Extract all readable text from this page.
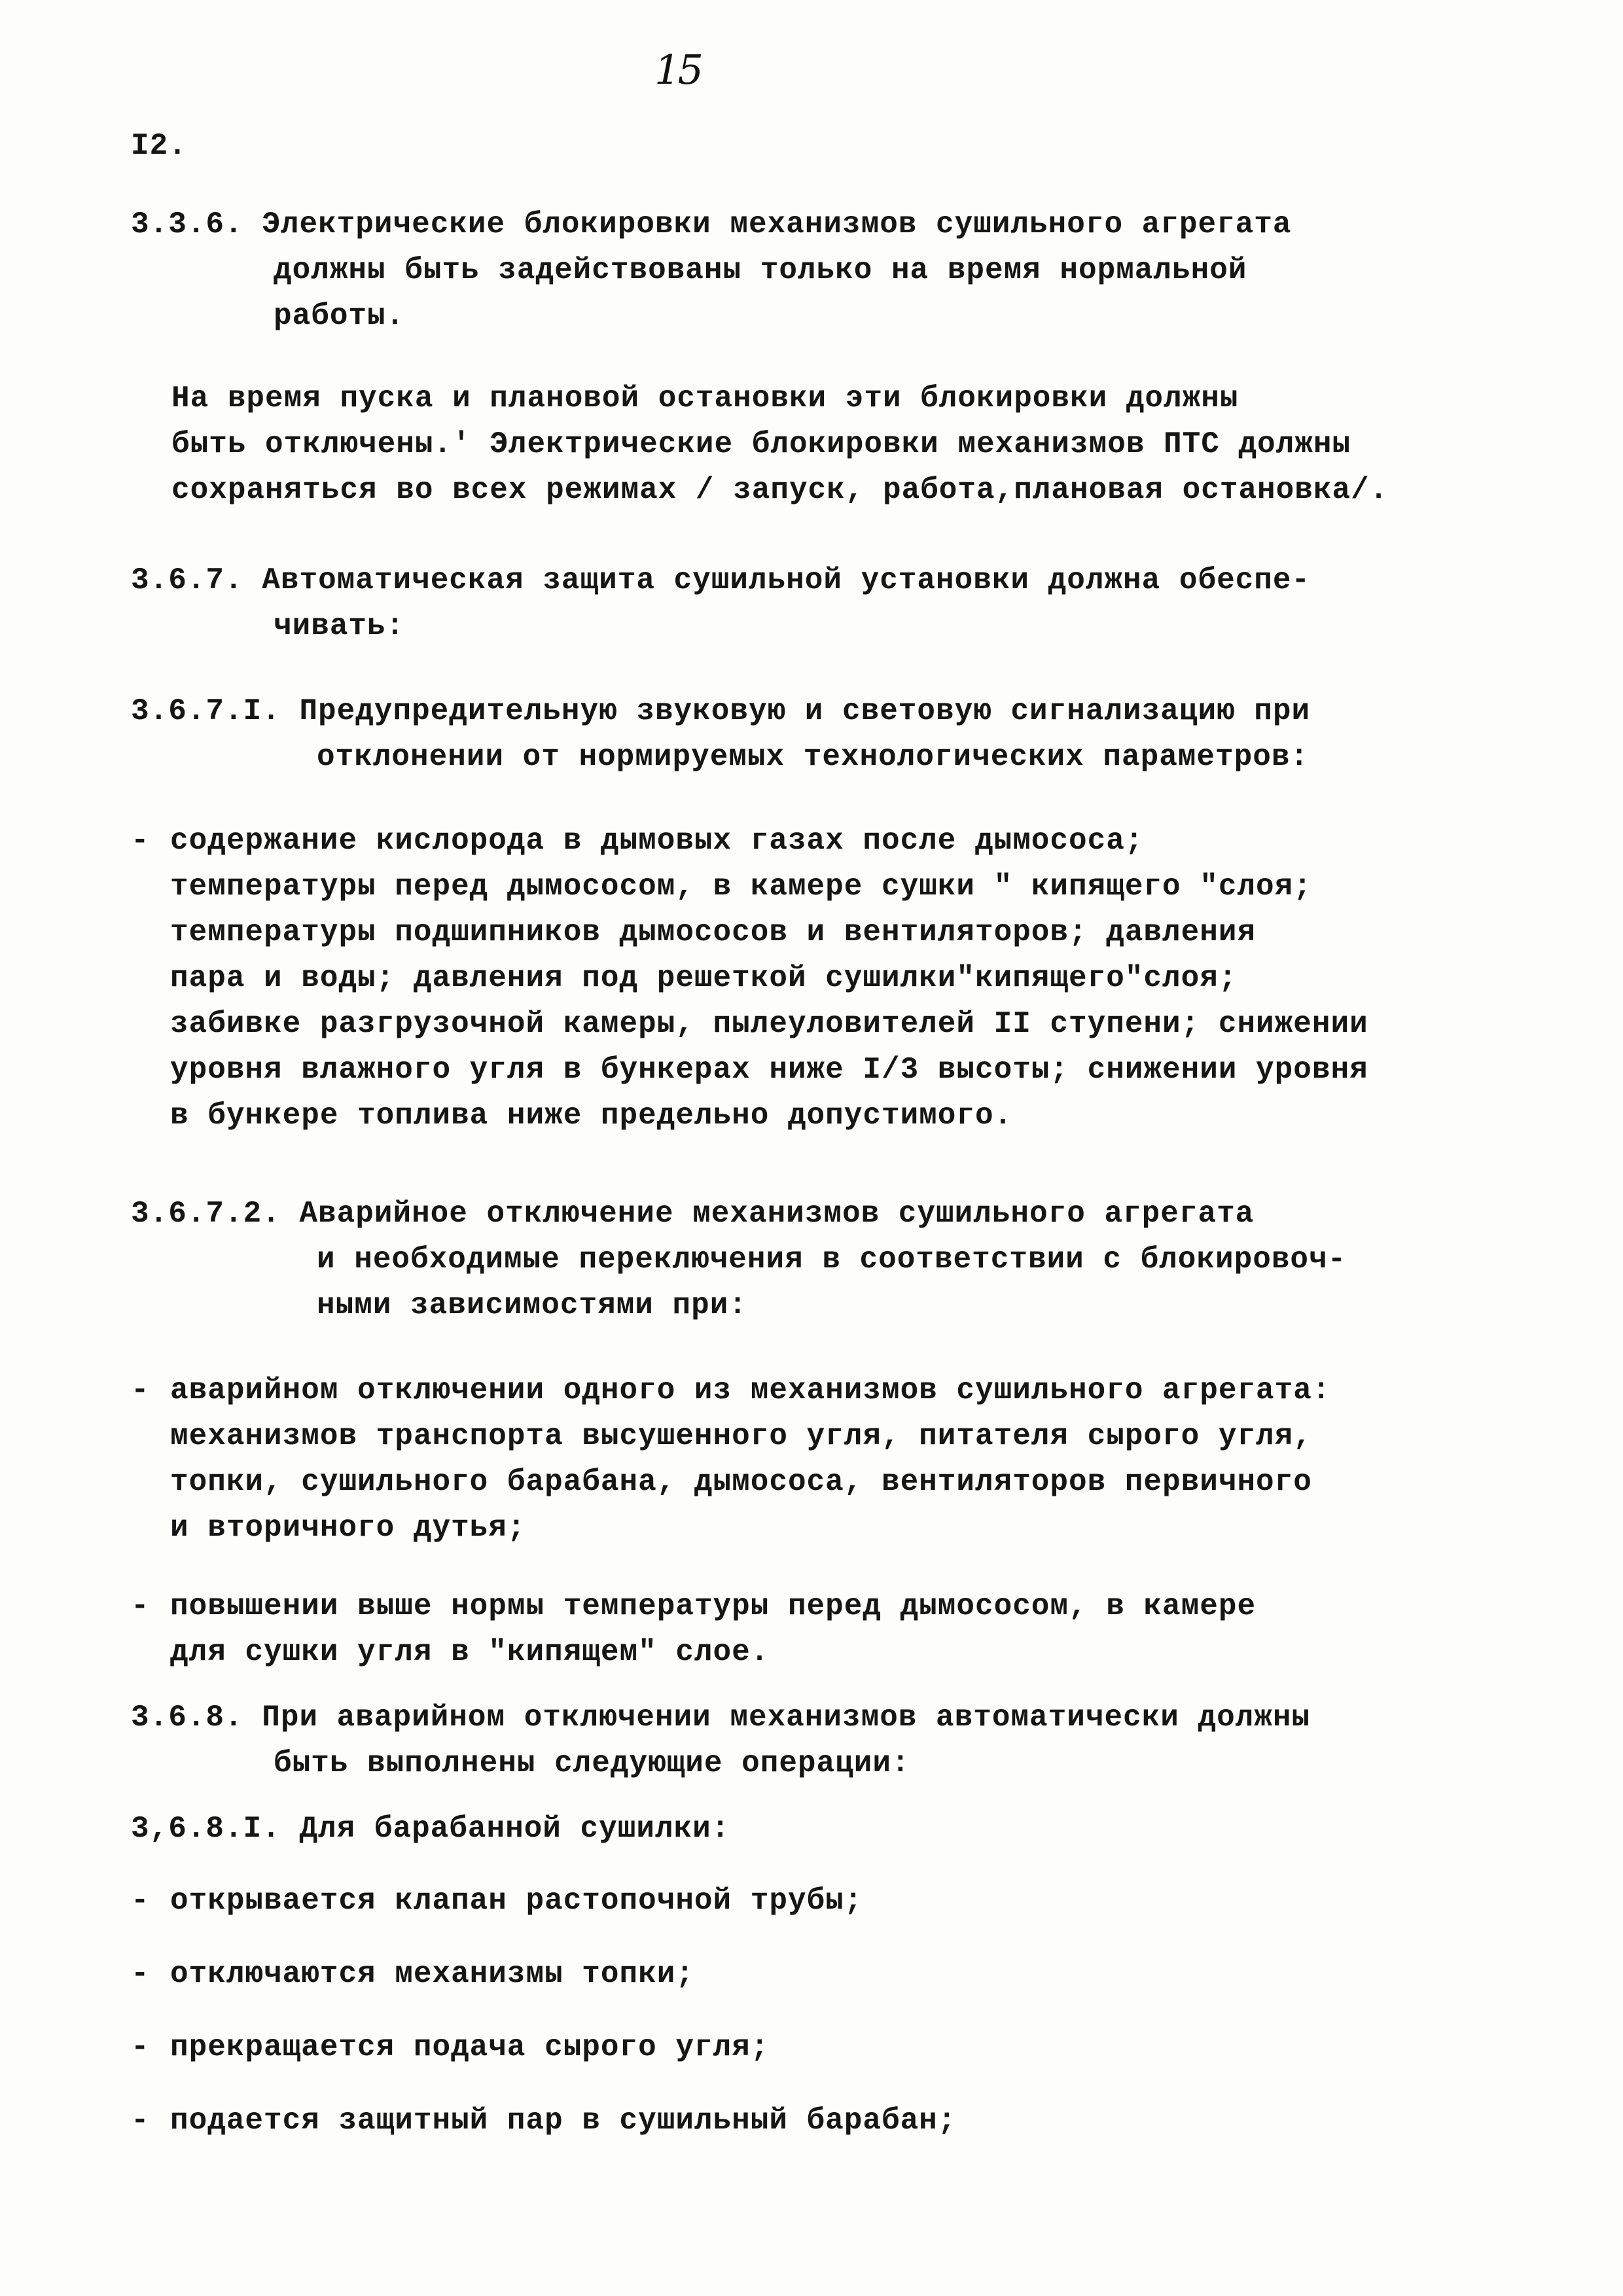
15
I2.
3.3.6. Электрические блокировки механизмов сушильного агрегата
должны быть задействованы только на время нормальной
работы.
На время пуска и плановой остановки эти блокировки должны
быть отключены.' Электрические блокировки механизмов ПТС должны
сохраняться во всех режимах / запуск, работа,плановая остановка/.
3.6.7. Автоматическая защита сушильной установки должна обеспе-
чивать:
3.6.7.I. Предупредительную звуковую и световую сигнализацию при
отклонении от нормируемых технологических параметров:
- содержание кислорода в дымовых газах после дымососа;
температуры перед дымососом, в камере сушки " кипящего "слоя;
температуры подшипников дымососов и вентиляторов; давления
пара и воды; давления под решеткой сушилки"кипящего"слоя;
забивке разгрузочной камеры, пылеуловителей II ступени; снижении
уровня влажного угля в бункерах ниже I/3 высоты; снижении уровня
в бункере топлива ниже предельно допустимого.
3.6.7.2. Аварийное отключение механизмов сушильного агрегата
и необходимые переключения в соответствии с блокировоч-
ными зависимостями при:
- аварийном отключении одного из механизмов сушильного агрегата:
механизмов транспорта высушенного угля, питателя сырого угля,
топки, сушильного барабана, дымососа, вентиляторов первичного
и вторичного дутья;
- повышении выше нормы температуры перед дымососом, в камере
для сушки угля в "кипящем" слое.
3.6.8. При аварийном отключении механизмов автоматически должны
быть выполнены следующие операции:
3,6.8.I. Для барабанной сушилки:
- открывается клапан растопочной трубы;
- отключаются механизмы топки;
- прекращается подача сырого угля;
- подается защитный пар в сушильный барабан;
